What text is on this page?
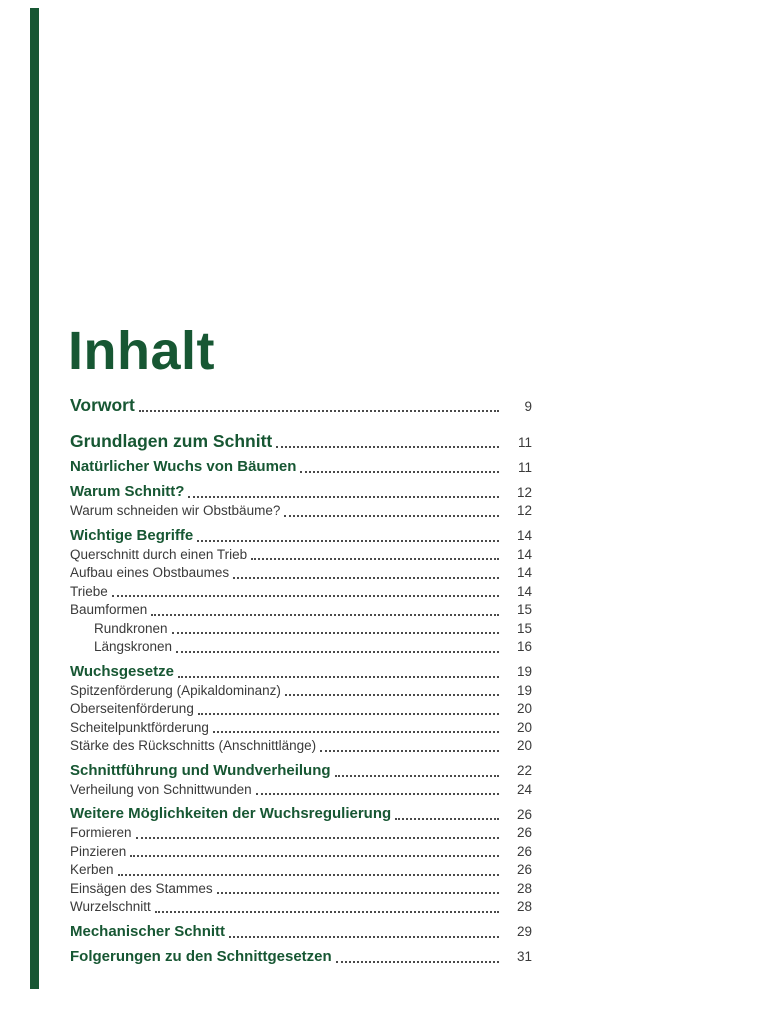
Inhalt
Vorwort	9
Grundlagen zum Schnitt	11
Natürlicher Wuchs von Bäumen	11
Warum Schnitt?	12
Warum schneiden wir Obstbäume?	12
Wichtige Begriffe	14
Querschnitt durch einen Trieb	14
Aufbau eines Obstbaumes	14
Triebe	14
Baumformen	15
Rundkronen	15
Längskronen	16
Wuchsgesetze	19
Spitzenförderung (Apikaldominanz)	19
Oberseitenförderung	20
Scheitelpunktförderung	20
Stärke des Rückschnitts (Anschnittlänge)	20
Schnittführung und Wundverheilung	22
Verheilung von Schnittwunden	24
Weitere Möglichkeiten der Wuchsregulierung	26
Formieren	26
Pinzieren	26
Kerben	26
Einsägen des Stammes	28
Wurzelschnitt	28
Mechanischer Schnitt	29
Folgerungen zu den Schnittgesetzen	31
